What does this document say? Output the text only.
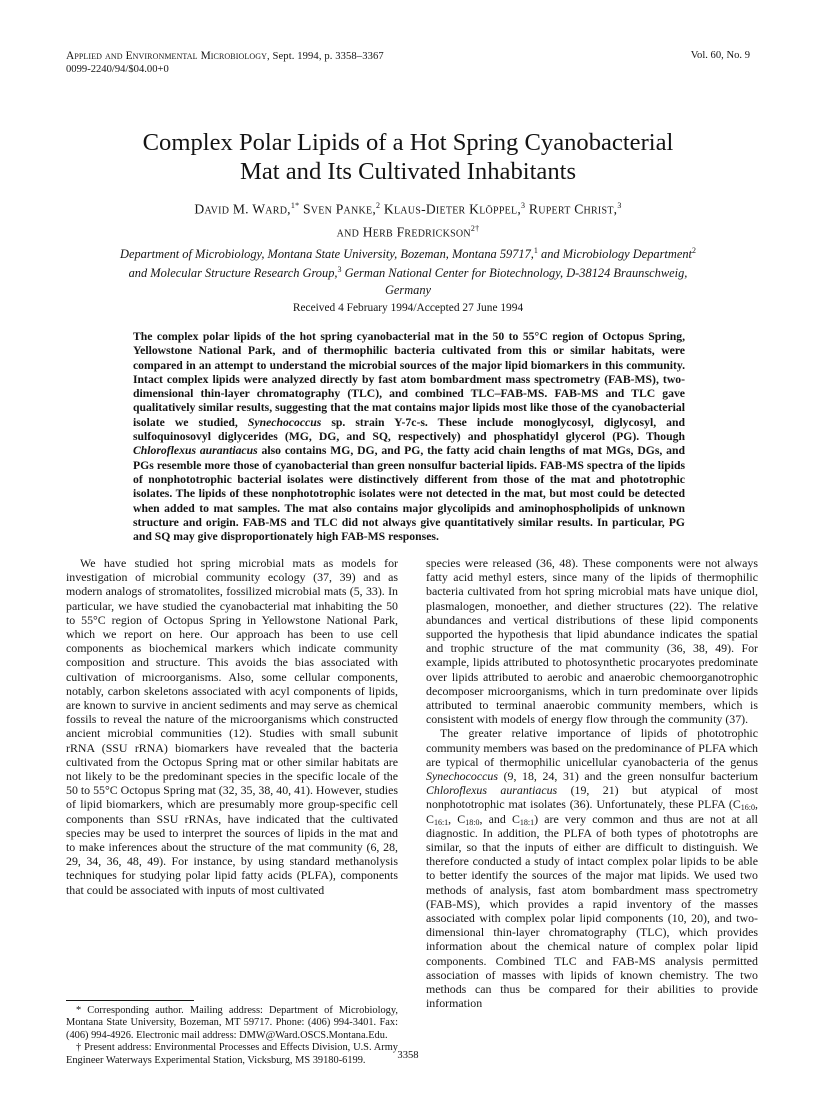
Applied and Environmental Microbiology, Sept. 1994, p. 3358–3367	Vol. 60, No. 9
0099-2240/94/$04.00+0
Complex Polar Lipids of a Hot Spring Cyanobacterial
Mat and Its Cultivated Inhabitants
David M. Ward,$^{1*}$ Sven Panke,$^2$ Klaus-Dieter Klöppel,$^3$ Rupert Christ,$^3$
and Herb Fredrickson$^{2\dagger}$
Department of Microbiology, Montana State University, Bozeman, Montana 59717,$^1$ and Microbiology Department$^2$ and Molecular Structure Research Group,$^3$ German National Center for Biotechnology, D-38124 Braunschweig, Germany
Received 4 February 1994/Accepted 27 June 1994

The complex polar lipids of the hot spring cyanobacterial mat in the 50 to 55°C region of Octopus Spring, Yellowstone National Park, and of thermophilic bacteria cultivated from this or similar habitats, were compared in an attempt to understand the microbial sources of the major lipid biomarkers in this community. Intact complex lipids were analyzed directly by fast atom bombardment mass spectrometry (FAB-MS), two-dimensional thin-layer chromatography (TLC), and combined TLC–FAB-MS. FAB-MS and TLC gave qualitatively similar results, suggesting that the mat contains major lipids most like those of the cyanobacterial isolate we studied, Synechococcus sp. strain Y-7c-s. These include monoglycosyl, diglycosyl, and sulfoquinosovyl diglycerides (MG, DG, and SQ, respectively) and phosphatidyl glycerol (PG). Though Chloroflexus aurantiacus also contains MG, DG, and PG, the fatty acid chain lengths of mat MGs, DGs, and PGs resemble more those of cyanobacterial than green nonsulfur bacterial lipids. FAB-MS spectra of the lipids of nonphototrophic bacterial isolates were distinctively different from those of the mat and phototrophic isolates. The lipids of these nonphototrophic isolates were not detected in the mat, but most could be detected when added to mat samples. The mat also contains major glycolipids and aminophospholipids of unknown structure and origin. FAB-MS and TLC did not always give quantitatively similar results. In particular, PG and SQ may give disproportionately high FAB-MS responses.

We have studied hot spring microbial mats as models for investigation of microbial community ecology (37, 39) and as modern analogs of stromatolites, fossilized microbial mats (5, 33). In particular, we have studied the cyanobacterial mat inhabiting the 50 to 55°C region of Octopus Spring in Yellowstone National Park, which we report on here. Our approach has been to use cell components as biochemical markers which indicate community composition and structure. This avoids the bias associated with cultivation of microorganisms. Also, some cellular components, notably, carbon skeletons associated with acyl components of lipids, are known to survive in ancient sediments and may serve as chemical fossils to reveal the nature of the microorganisms which constructed ancient microbial communities (12). Studies with small subunit rRNA (SSU rRNA) biomarkers have revealed that the bacteria cultivated from the Octopus Spring mat or other similar habitats are not likely to be the predominant species in the specific locale of the 50 to 55°C Octopus Spring mat (32, 35, 38, 40, 41). However, studies of lipid biomarkers, which are presumably more group-specific cell components than SSU rRNAs, have indicated that the cultivated species may be used to interpret the sources of lipids in the mat and to make inferences about the structure of the mat community (6, 28, 29, 34, 36, 48, 49). For instance, by using standard methanolysis techniques for studying polar lipid fatty acids (PLFA), components that could be associated with inputs of most cultivated

species were released (36, 48). These components were not always fatty acid methyl esters, since many of the lipids of thermophilic bacteria cultivated from hot spring microbial mats have unique diol, plasmalogen, monoether, and diether structures (22). The relative abundances and vertical distributions of these lipid components supported the hypothesis that lipid abundance indicates the spatial and trophic structure of the mat community (36, 38, 49). For example, lipids attributed to photosynthetic procaryotes predominate over lipids attributed to aerobic and anaerobic chemoorganotrophic decomposer microorganisms, which in turn predominate over lipids attributed to terminal anaerobic community members, which is consistent with models of energy flow through the community (37).

The greater relative importance of lipids of phototrophic community members was based on the predominance of PLFA which are typical of thermophilic unicellular cyanobacteria of the genus Synechococcus (9, 18, 24, 31) and the green nonsulfur bacterium Chloroflexus aurantiacus (19, 21) but atypical of most nonphototrophic mat isolates (36). Unfortunately, these PLFA ($C_{16:0}$, $C_{16:1}$, $C_{18:0}$, and $C_{18:1}$) are very common and thus are not at all diagnostic. In addition, the PLFA of both types of phototrophs are similar, so that the inputs of either are difficult to distinguish. We therefore conducted a study of intact complex polar lipids to be able to better identify the sources of the major mat lipids. We used two methods of analysis, fast atom bombardment mass spectrometry (FAB-MS), which provides a rapid inventory of the masses associated with complex polar lipid components (10, 20), and two-dimensional thin-layer chromatography (TLC), which provides information about the chemical nature of complex polar lipid components. Combined TLC and FAB-MS analysis permitted association of masses with lipids of known chemistry. The two methods can thus be compared for their abilities to provide information

* Corresponding author. Mailing address: Department of Microbiology, Montana State University, Bozeman, MT 59717. Phone: (406) 994-3401. Fax: (406) 994-4926. Electronic mail address: DMW@Ward.OSCS.Montana.Edu.

† Present address: Environmental Processes and Effects Division, U.S. Army Engineer Waterways Experimental Station, Vicksburg, MS 39180-6199.	3358
